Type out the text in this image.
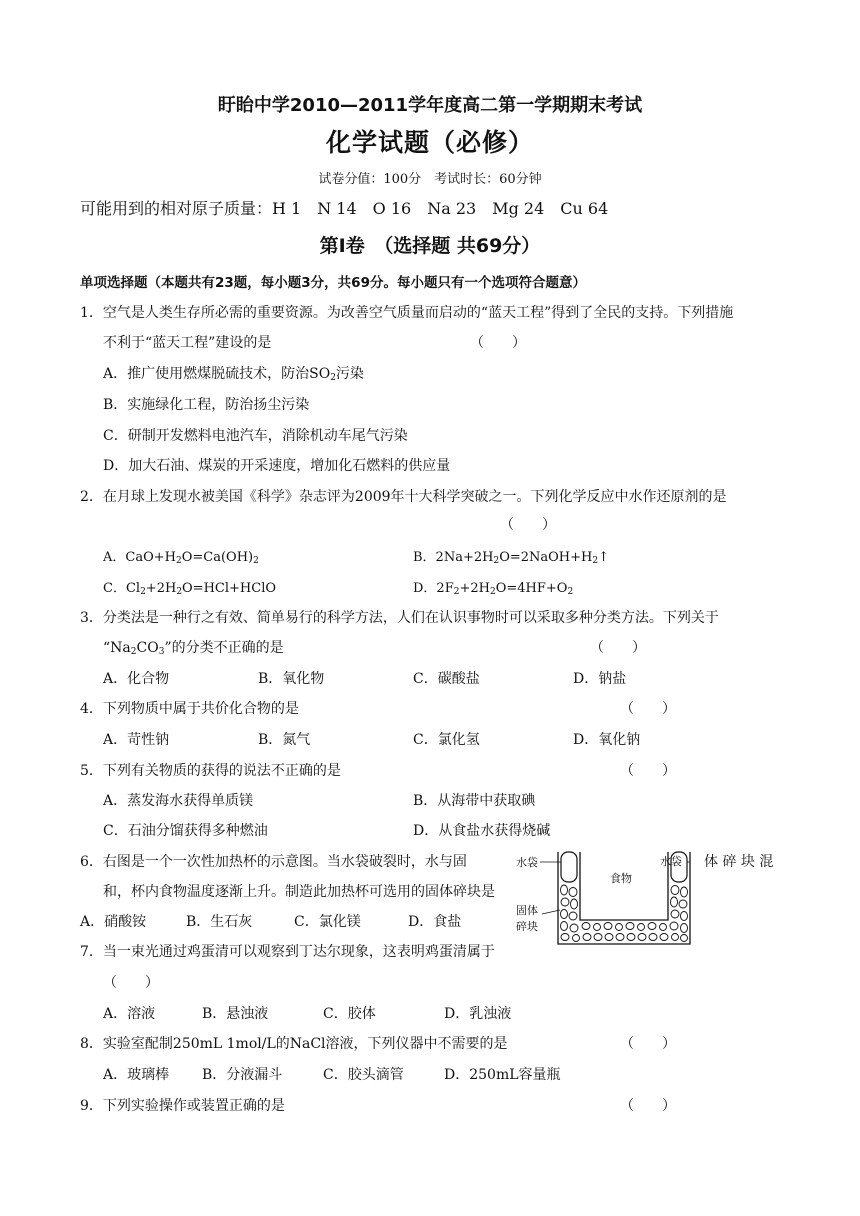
盱眙中学2010—2011学年度高二第一学期期末考试
化学试题（必修）
试卷分值：100分　考试时长：60分钟
可能用到的相对原子质量：H 1　N 14　O 16　Na 23　Mg 24　Cu 64
第Ⅰ卷　（选择题 共69分）
单项选择题（本题共有23题，每小题3分，共69分。每小题只有一个选项符合题意）
1．空气是人类生存所必需的重要资源。为改善空气质量而启动的“蓝天工程”得到了全民的支持。下列措施
不利于“蓝天工程”建设的是	（　　）
A．推广使用燃煤脱硫技术，防治$SO_2$污染
B．实施绿化工程，防治扬尘污染
C．研制开发燃料电池汽车，消除机动车尾气污染
D．加大石油、煤炭的开采速度，增加化石燃料的供应量
2．在月球上发现水被美国《科学》杂志评为2009年十大科学突破之一。下列化学反应中水作还原剂的是
（　　）
A．$CaO+H_2O=Ca(OH)_2$	B．$2Na+2H_2O=2NaOH+H_2↑$
C．$Cl_2+2H_2O=HCl+HClO$	D．$2F_2+2H_2O=4HF+O_2$
3．分类法是一种行之有效、简单易行的科学方法，人们在认识事物时可以采取多种分类方法。下列关于
“$Na_2CO_3$”的分类不正确的是	（　　）
A．化合物	B．氧化物	C．碳酸盐	D．钠盐
4．下列物质中属于共价化合物的是	（　　）
A．苛性钠	B．氮气	C．氯化氢	D．氧化钠
5．下列有关物质的获得的说法不正确的是	（　　）
A．蒸发海水获得单质镁	B．从海带中获取碘
C．石油分馏获得多种燃油	D．从食盐水获得烧碱
6．右图是一个一次性加热杯的示意图。当水袋破裂时，水与固	体 碎 块 混
和，杯内食物温度逐渐上升。制造此加热杯可选用的固体碎块是
A．硝酸铵	B．生石灰	C．氯化镁	D．食盐
水袋
食物
固体
碎块
水袋
7．当一束光通过鸡蛋清可以观察到丁达尔现象，这表明鸡蛋清属于
（　　）
A．溶液	B．悬浊液	C．胶体	D．乳浊液
8．实验室配制250mL 1mol/L的NaCl溶液，下列仪器中不需要的是	（　　）
A．玻璃棒 B．分液漏斗	C．胶头滴管	D．250mL容量瓶
9．下列实验操作或装置正确的是	（　　）
